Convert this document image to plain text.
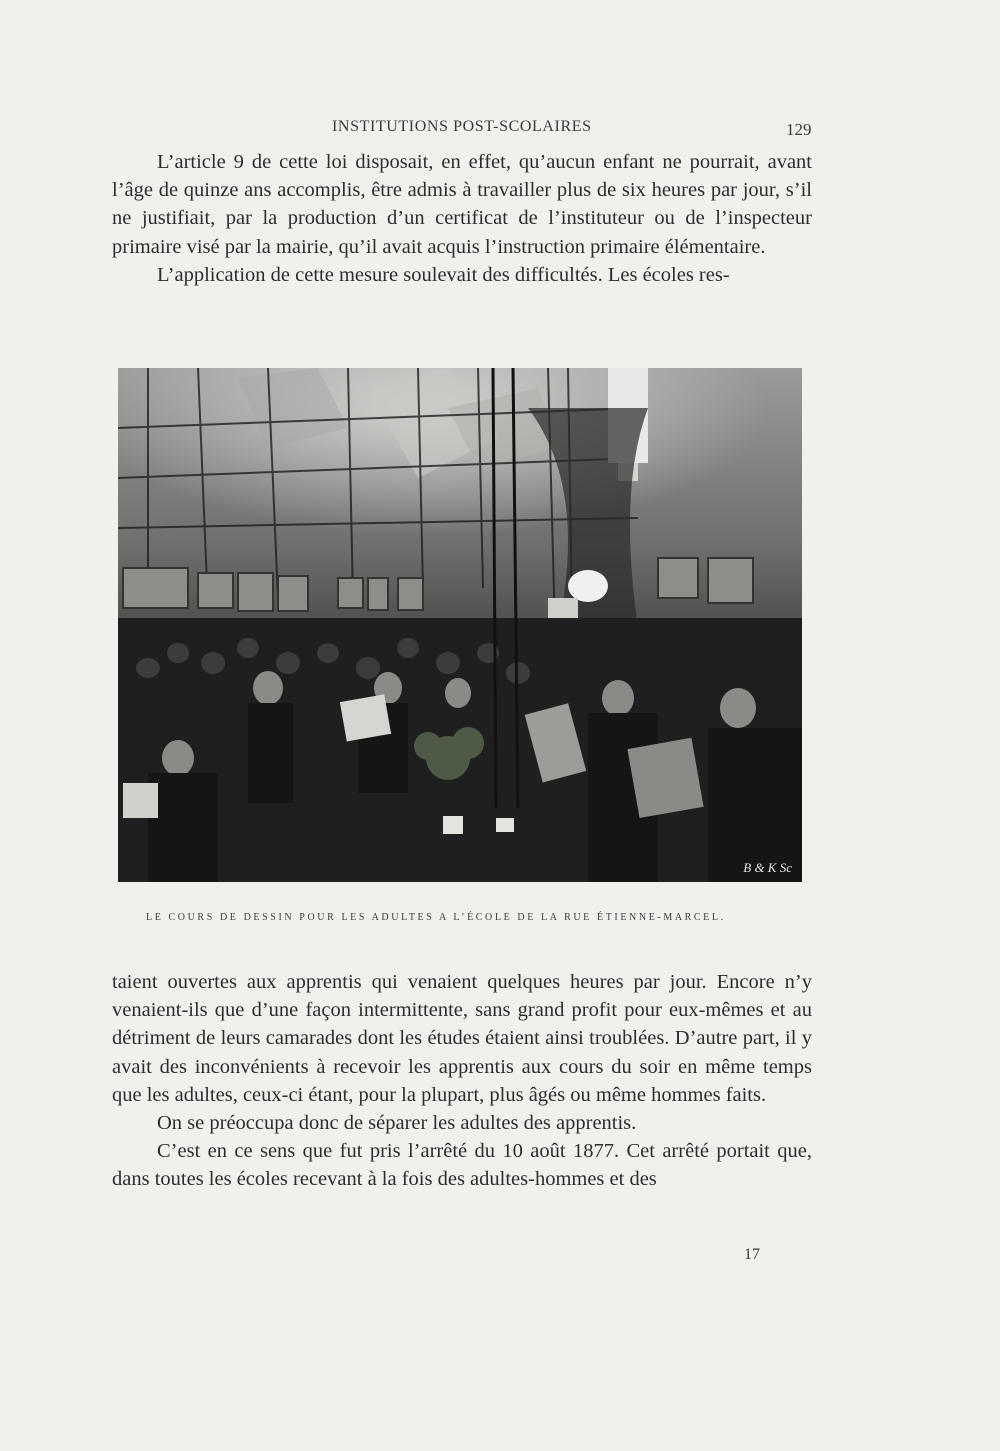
INSTITUTIONS POST-SCOLAIRES	129

L’article 9 de cette loi disposait, en effet, qu’aucun enfant ne pourrait, avant l’âge de quinze ans accomplis, être admis à travailler plus de six heures par jour, s’il ne justifiait, par la production d’un certificat de l’instituteur ou de l’inspecteur primaire visé par la mairie, qu’il avait acquis l’instruction primaire élémentaire.

L’application de cette mesure soulevait des difficultés. Les écoles res-

B & K Sc
LE COURS DE DESSIN POUR LES ADULTES A L’ÉCOLE DE LA RUE ÉTIENNE-MARCEL.

taient ouvertes aux apprentis qui venaient quelques heures par jour. Encore n’y venaient-ils que d’une façon intermittente, sans grand profit pour eux-mêmes et au détriment de leurs camarades dont les études étaient ainsi troublées. D’autre part, il y avait des inconvénients à recevoir les apprentis aux cours du soir en même temps que les adultes, ceux-ci étant, pour la plupart, plus âgés ou même hommes faits.

On se préoccupa donc de séparer les adultes des apprentis.

C’est en ce sens que fut pris l’arrêté du 10 août 1877. Cet arrêté portait que, dans toutes les écoles recevant à la fois des adultes-hommes et des

17
